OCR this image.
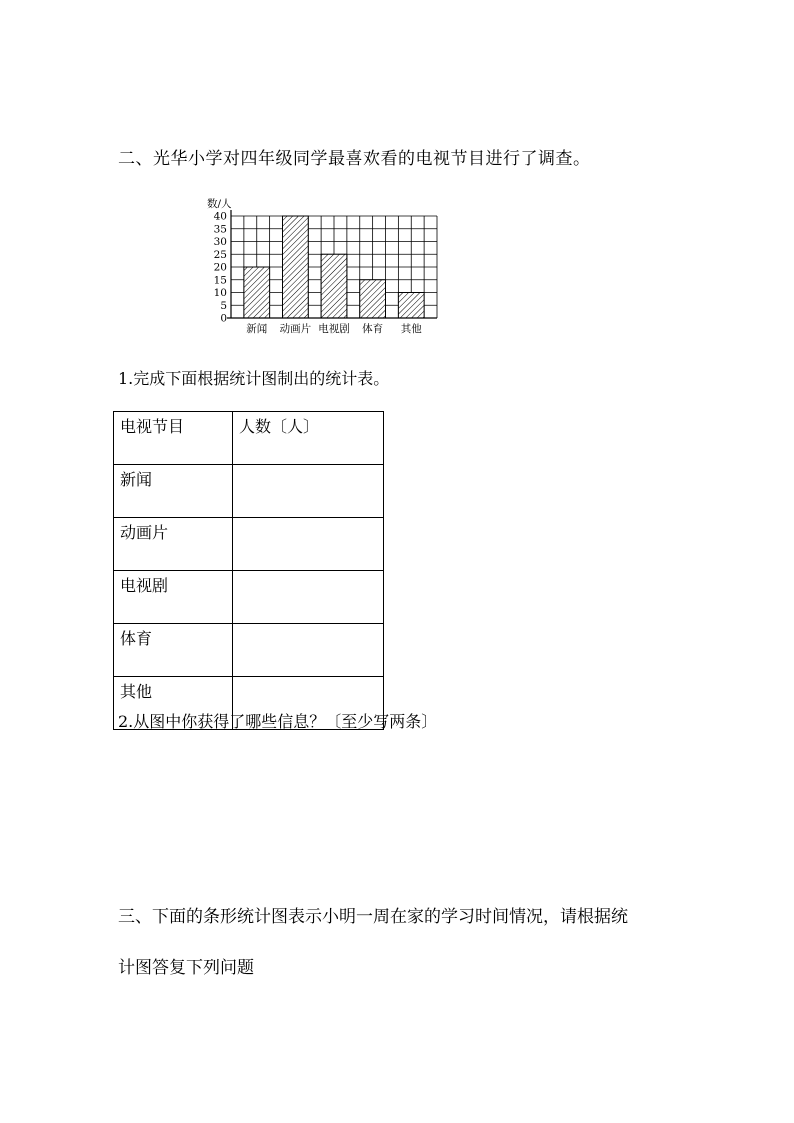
二、光华小学对四年级同学最喜欢看的电视节目进行了调查。
0
5
10
15
20
25
30
35
40
数/人
新闻 动画片 电视剧 体育 其他
1.完成下面根据统计图制出的统计表。
电视节目	人数〔人〕
新闻	
动画片	
电视剧	
体育	
其他	
2.从图中你获得了哪些信息？〔至少写两条〕
三、下面的条形统计图表示小明一周在家的学习时间情况，请根据统
计图答复下列问题
